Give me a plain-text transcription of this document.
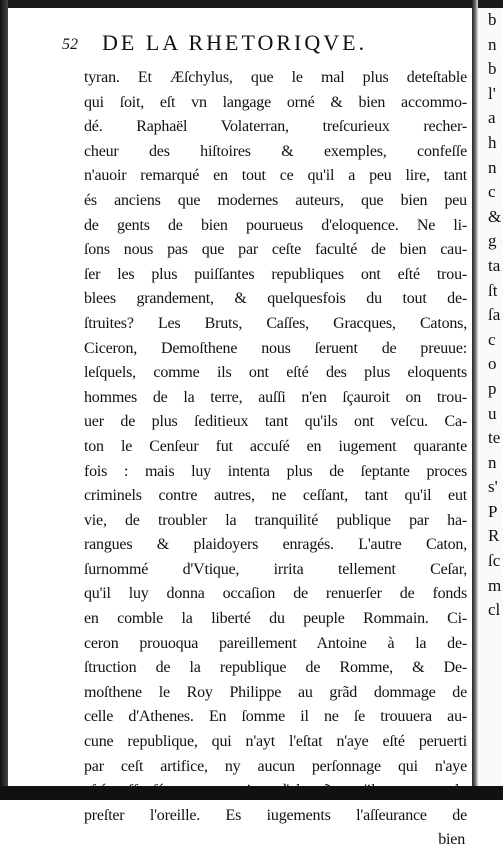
52 DE LA RHETORIQVE.
tyran. Et Æſchylus, que le mal plus deteſtable
qui ſoit, eſt vn langage orné & bien accommo-
dé. Raphaël Volaterran, treſcurieux recher-
cheur des hiſtoires & exemples, confeſſe
n'auoir remarqué en tout ce qu'il a peu lire, tant
és anciens que modernes auteurs, que bien peu
de gents de bien pourueus d'eloquence. Ne li-
ſons nous pas que par ceſte faculté de bien cau-
ſer les plus puiſſantes republiques ont eſté trou-
blees grandement, & quelquesfois du tout de-
ſtruites? Les Bruts, Caſſes, Gracques, Catons,
Ciceron, Demoſthene nous ſeruent de preuue:
leſquels, comme ils ont eſté des plus eloquents
hommes de la terre, auſſi n'en ſçauroit on trou-
uer de plus ſeditieux tant qu'ils ont veſcu. Ca-
ton le Cenſeur fut accuſé en iugement quarante
fois : mais luy intenta plus de ſeptante proces
criminels contre autres, ne ceſſant, tant qu'il eut
vie, de troubler la tranquilité publique par ha-
rangues & plaidoyers enragés. L'autre Caton,
ſurnommé d'Vtique, irrita tellement Ceſar,
qu'il luy donna occaſion de renuerſer de fonds
en comble la liberté du peuple Rommain. Ci-
ceron prouoqua pareillement Antoine à la de-
ſtruction de la republique de Romme, & De-
moſthene le Roy Philippe au grãd dommage de
celle d'Athenes. En ſomme il ne ſe trouuera au-
cune republique, qui n'ayt l'eſtat n'aye eſté peruerti
par ceſt artifice, ny aucun perſonnage qui n'aye
preſter l'oreille. Es iugements l'aſſeurance de
bien
b
n
b
l'
a
h
n
c
&
g
ta
ſt
ſa
c
o
p
u
te
n
s'
P
R
ſc
m
cl
